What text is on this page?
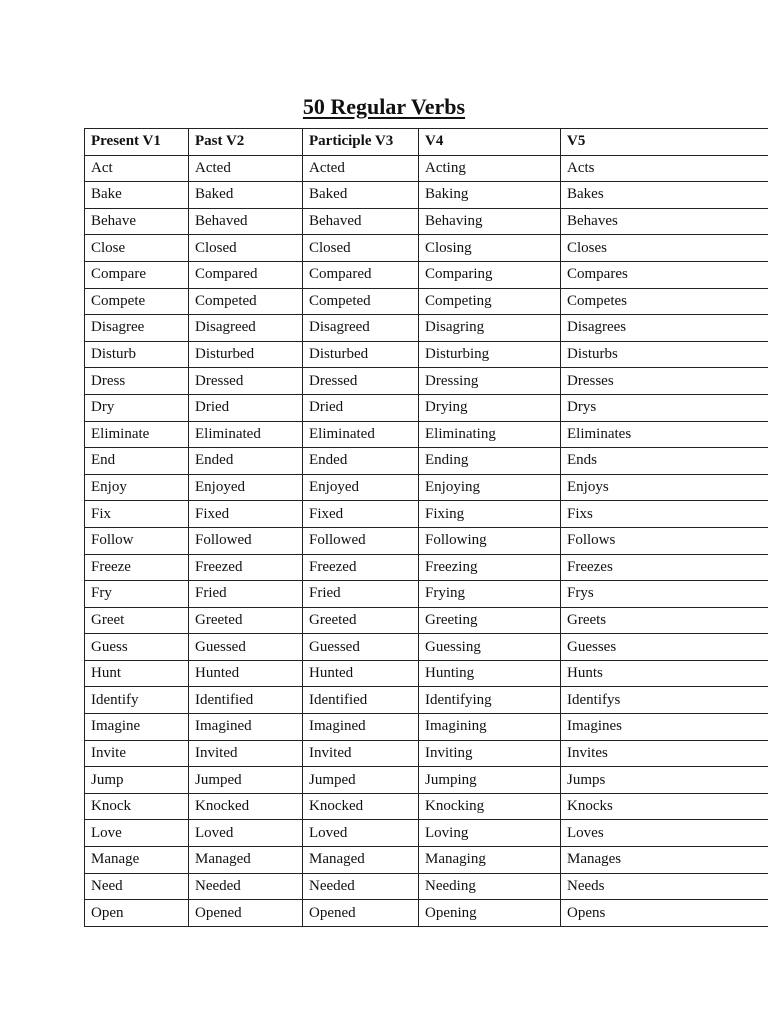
50 Regular Verbs
Present V1	Past V2	Participle V3	V4	V5
Act	Acted	Acted	Acting	Acts
Bake	Baked	Baked	Baking	Bakes
Behave	Behaved	Behaved	Behaving	Behaves
Close	Closed	Closed	Closing	Closes
Compare	Compared	Compared	Comparing	Compares
Compete	Competed	Competed	Competing	Competes
Disagree	Disagreed	Disagreed	Disagring	Disagrees
Disturb	Disturbed	Disturbed	Disturbing	Disturbs
Dress	Dressed	Dressed	Dressing	Dresses
Dry	Dried	Dried	Drying	Drys
Eliminate	Eliminated	Eliminated	Eliminating	Eliminates
End	Ended	Ended	Ending	Ends
Enjoy	Enjoyed	Enjoyed	Enjoying	Enjoys
Fix	Fixed	Fixed	Fixing	Fixs
Follow	Followed	Followed	Following	Follows
Freeze	Freezed	Freezed	Freezing	Freezes
Fry	Fried	Fried	Frying	Frys
Greet	Greeted	Greeted	Greeting	Greets
Guess	Guessed	Guessed	Guessing	Guesses
Hunt	Hunted	Hunted	Hunting	Hunts
Identify	Identified	Identified	Identifying	Identifys
Imagine	Imagined	Imagined	Imagining	Imagines
Invite	Invited	Invited	Inviting	Invites
Jump	Jumped	Jumped	Jumping	Jumps
Knock	Knocked	Knocked	Knocking	Knocks
Love	Loved	Loved	Loving	Loves
Manage	Managed	Managed	Managing	Manages
Need	Needed	Needed	Needing	Needs
Open	Opened	Opened	Opening	Opens
